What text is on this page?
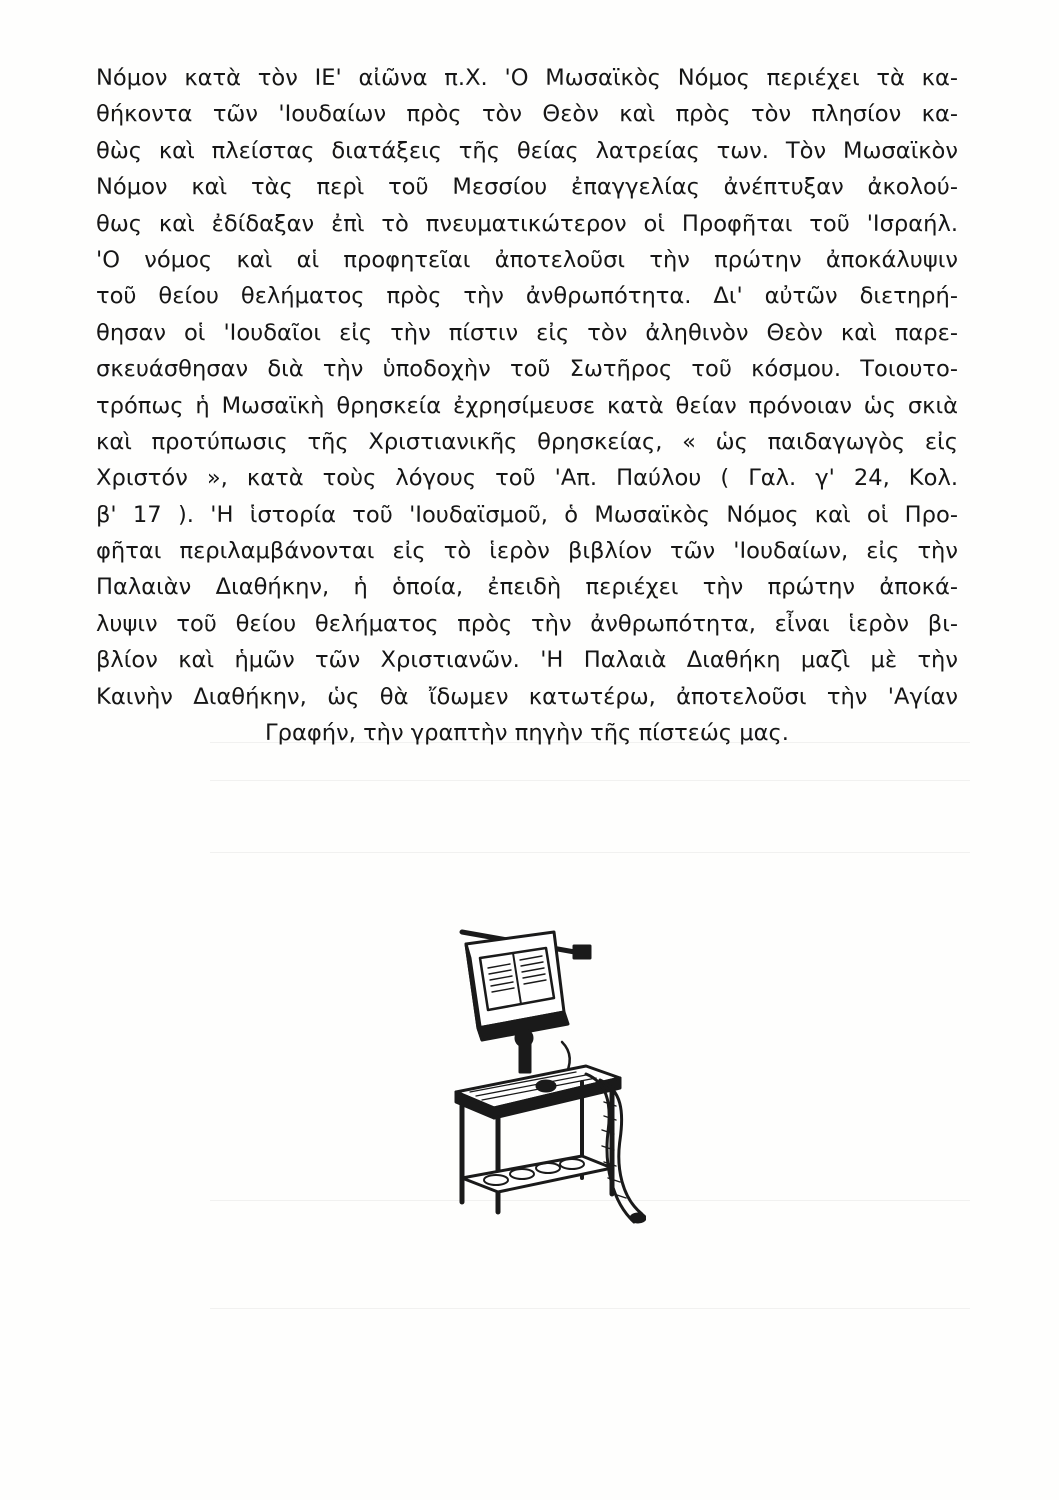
Νόμον κατὰ τὸν ΙΕ' αἰῶνα π.Χ. 'Ο Μωσαϊκὸς Νόμος περιέχει τὰ κα-
θήκοντα τῶν 'Ιουδαίων πρὸς τὸν Θεὸν καὶ πρὸς τὸν πλησίον κα-
θὼς καὶ πλείστας διατάξεις τῆς θείας λατρείας των. Τὸν Μωσαϊκὸν
Νόμον καὶ τὰς περὶ τοῦ Μεσσίου ἐπαγγελίας ἀνέπτυξαν ἀκολού-
θως καὶ ἐδίδαξαν ἐπὶ τὸ πνευματικώτερον οἱ Προφῆται τοῦ 'Ισραήλ.
'Ο νόμος καὶ αἱ προφητεῖαι ἀποτελοῦσι τὴν πρώτην ἀποκάλυψιν
τοῦ θείου θελήματος πρὸς τὴν ἀνθρωπότητα. Δι' αὐτῶν διετηρή-
θησαν οἱ 'Ιουδαῖοι εἰς τὴν πίστιν εἰς τὸν ἀληθινὸν Θεὸν καὶ παρε-
σκευάσθησαν διὰ τὴν ὑποδοχὴν τοῦ Σωτῆρος τοῦ κόσμου. Τοιουτο-
τρόπως ἡ Μωσαϊκὴ θρησκεία ἐχρησίμευσε κατὰ θείαν πρόνοιαν ὡς σκιὰ
καὶ προτύπωσις τῆς Χριστιανικῆς θρησκείας, « ὡς παιδαγωγὸς εἰς
Χριστόν », κατὰ τοὺς λόγους τοῦ 'Απ. Παύλου ( Γαλ. γ' 24, Κολ.
β' 17 ). 'Η ἱστορία τοῦ 'Ιουδαϊσμοῦ, ὁ Μωσαϊκὸς Νόμος καὶ οἱ Προ-
φῆται περιλαμβάνονται εἰς τὸ ἱερὸν βιβλίον τῶν 'Ιουδαίων, εἰς τὴν
Παλαιὰν Διαθήκην, ἡ ὁποία, ἐπειδὴ περιέχει τὴν πρώτην ἀποκά-
λυψιν τοῦ θείου θελήματος πρὸς τὴν ἀνθρωπότητα, εἶναι ἱερὸν βι-
βλίον καὶ ἡμῶν τῶν Χριστιανῶν. 'Η Παλαιὰ Διαθήκη μαζὶ μὲ τὴν
Καινὴν Διαθήκην, ὡς θὰ ἴδωμεν κατωτέρω, ἀποτελοῦσι τὴν 'Αγίαν
Γραφήν, τὴν γραπτὴν πηγὴν τῆς πίστεώς μας.
